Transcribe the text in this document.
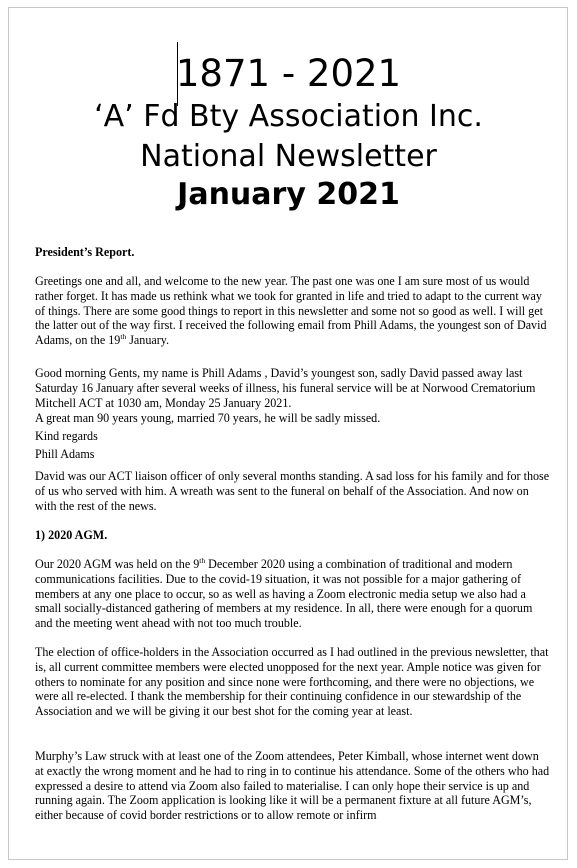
1871 - 2021
‘A’ Fd Bty Association Inc.
National Newsletter
January 2021

President’s Report.

Greetings one and all, and welcome to the new year. The past one was one I am sure most of us would rather forget. It has made us rethink what we took for granted in life and tried to adapt to the current way of things. There are some good things to report in this newsletter and some not so good as well. I will get the latter out of the way first. I received the following email from Phill Adams, the youngest son of David Adams, on the 19th January.

Good morning Gents, my name is Phill Adams , David’s youngest son, sadly David passed away last Saturday 16 January after several weeks of illness, his funeral service will be at Norwood Crematorium Mitchell ACT at 1030 am, Monday 25 January 2021.

A great man 90 years young, married 70 years, he will be sadly missed.

Kind regards

Phill Adams

David was our ACT liaison officer of only several months standing. A sad loss for his family and for those of us who served with him. A wreath was sent to the funeral on behalf of the Association. And now on with the rest of the news.

1) 2020 AGM.

Our 2020 AGM was held on the 9th December 2020 using a combination of traditional and modern communications facilities. Due to the covid-19 situation, it was not possible for a major gathering of members at any one place to occur, so as well as having a Zoom electronic media setup we also had a small socially-distanced gathering of members at my residence. In all, there were enough for a quorum and the meeting went ahead with not too much trouble.

The election of office-holders in the Association occurred as I had outlined in the previous newsletter, that is, all current committee members were elected unopposed for the next year. Ample notice was given for others to nominate for any position and since none were forthcoming, and there were no objections, we were all re-elected. I thank the membership for their continuing confidence in our stewardship of the Association and we will be giving it our best shot for the coming year at least.

Murphy’s Law struck with at least one of the Zoom attendees, Peter Kimball, whose internet went down at exactly the wrong moment and he had to ring in to continue his attendance. Some of the others who had expressed a desire to attend via Zoom also failed to materialise. I can only hope their service is up and running again. The Zoom application is looking like it will be a permanent fixture at all future AGM’s, either because of covid border restrictions or to allow remote or infirm
